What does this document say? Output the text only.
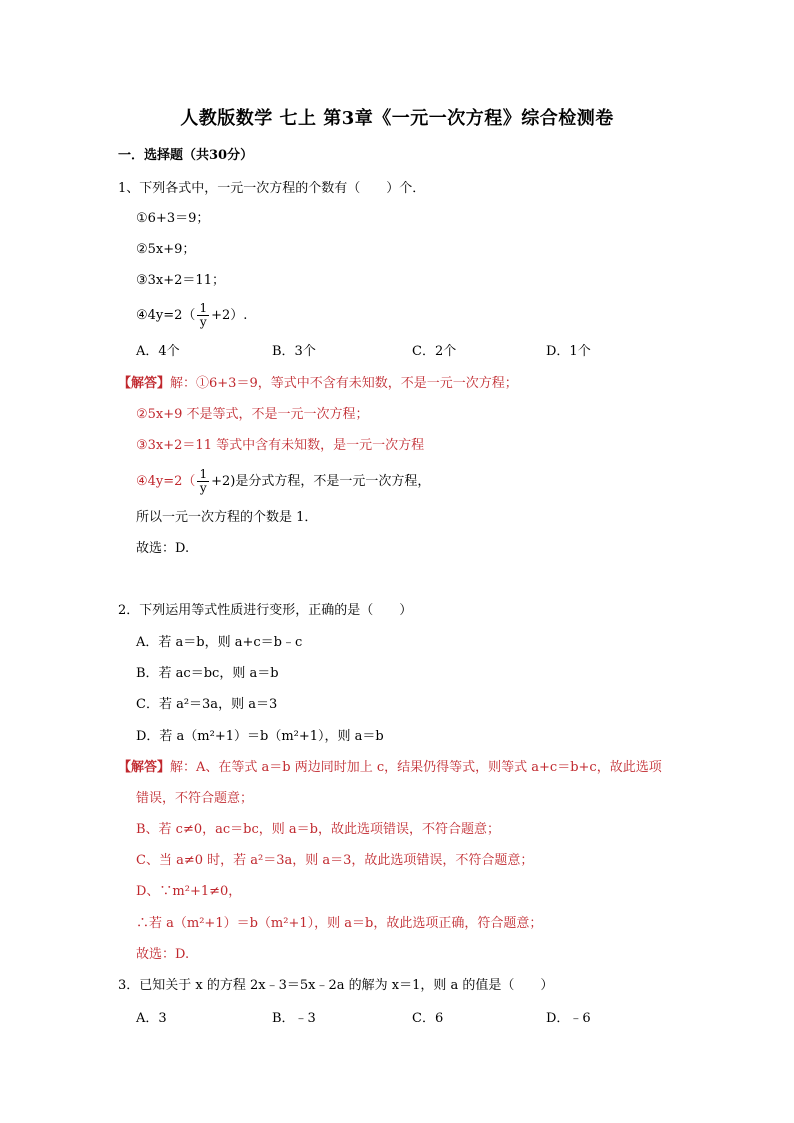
人教版数学 七上 第3章《一元一次方程》综合检测卷
一．选择题（共30分）
1、下列各式中，一元一次方程的个数有（　　）个．
①6+3＝9；
②5x+9；
③3x+2＝11；
④4y=2（ $\frac{1}{y} +2$）.
A．4个	B．3个	C．2个	D．1个
【解答】解：①6+3＝9，等式中不含有未知数，不是一元一次方程；
②5x+9 不是等式，不是一元一次方程；
③3x+2＝11 等式中含有未知数，是一元一次方程
④4y=2（ $\frac{1}{y} +2$)是分式方程，不是一元一次方程，
所以一元一次方程的个数是 1．
故选：D.
2．下列运用等式性质进行变形，正确的是（　　）
A．若 a＝b，则 a+c＝b﹣c
B．若 ac＝bc，则 a＝b
C．若 a²＝3a，则 a＝3
D．若 a（m²+1）＝b（m²+1），则 a＝b
【解答】解：A、在等式 a＝b 两边同时加上 c，结果仍得等式，则等式 a+c＝b+c，故此选项
错误，不符合题意；
B、若 c≠0，ac＝bc，则 a＝b，故此选项错误，不符合题意；
C、当 a≠0 时，若 a²＝3a，则 a＝3，故此选项错误，不符合题意；
D、∵m²+1≠0，
∴若 a（m²+1）＝b（m²+1），则 a＝b，故此选项正确，符合题意；
故选：D.
3．已知关于 x 的方程 2x﹣3＝5x﹣2a 的解为 x＝1，则 a 的值是（　　）
A．3	B．﹣3	C．6	D．﹣6
